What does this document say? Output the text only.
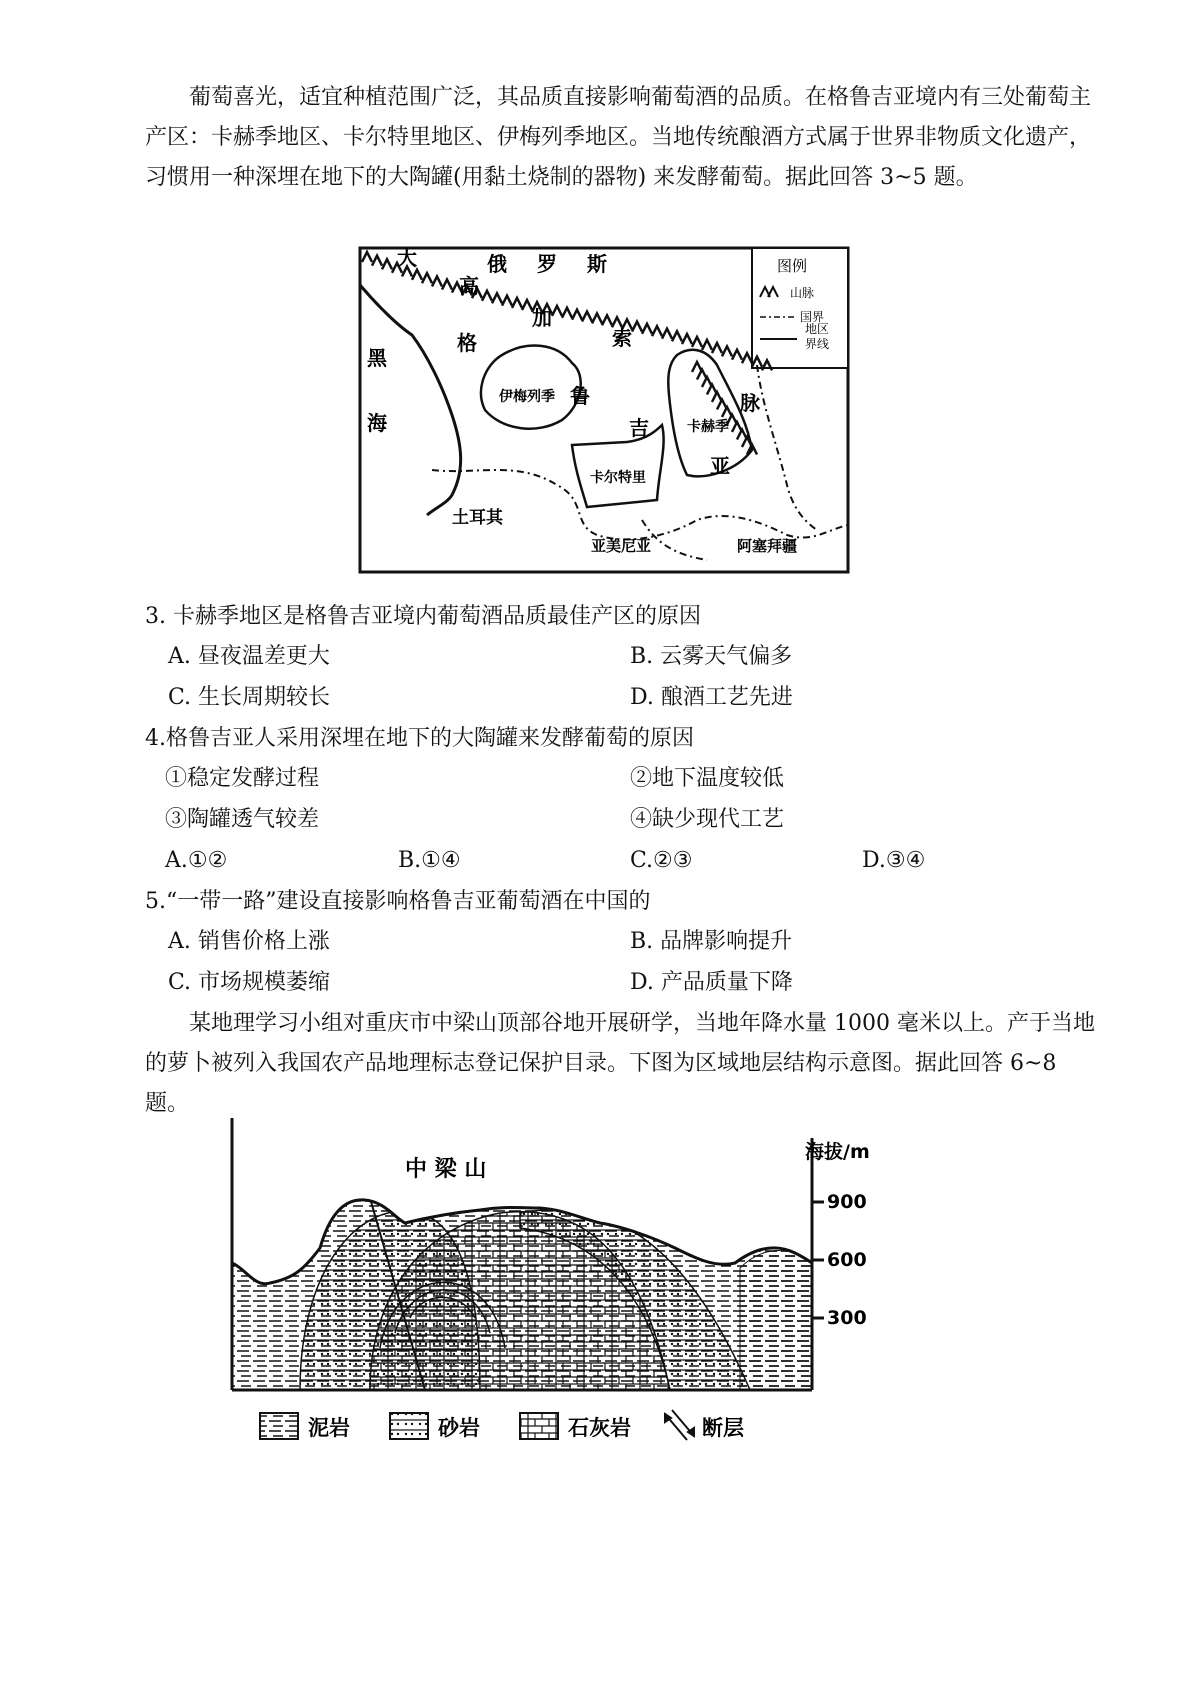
葡萄喜光，适宜种植范围广泛，其品质直接影响葡萄酒的品质。在格鲁吉亚境内有三处葡萄主产区：卡赫季地区、卡尔特里地区、伊梅列季地区。当地传统酿酒方式属于世界非物质文化遗产，习惯用一种深埋在地下的大陶罐(用黏土烧制的器物) 来发酵葡萄。据此回答 3~5 题。
图例
山脉
国界
地区
界线
大
高
加
索
脉
俄 罗 斯
黑
海
格
鲁
吉
亚
伊梅列季
卡赫季
卡尔特里
土耳其
亚美尼亚	阿塞拜疆
3. 卡赫季地区是格鲁吉亚境内葡萄酒品质最佳产区的原因
A. 昼夜温差更大	B. 云雾天气偏多
C. 生长周期较长	D. 酿酒工艺先进
4.格鲁吉亚人采用深埋在地下的大陶罐来发酵葡萄的原因
①稳定发酵过程	②地下温度较低
③陶罐透气较差	④缺少现代工艺
A.①②	B.①④	C.②③	D.③④
5.“一带一路”建设直接影响格鲁吉亚葡萄酒在中国的
A. 销售价格上涨	B. 品牌影响提升
C. 市场规模萎缩	D. 产品质量下降
某地理学习小组对重庆市中梁山顶部谷地开展研学，当地年降水量 1000 毫米以上。产于当地的萝卜被列入我国农产品地理标志登记保护目录。下图为区域地层结构示意图。据此回答 6~8 题。
900
600
300
海拔/m
中 梁 山
泥岩	砂岩	石灰岩	断层
